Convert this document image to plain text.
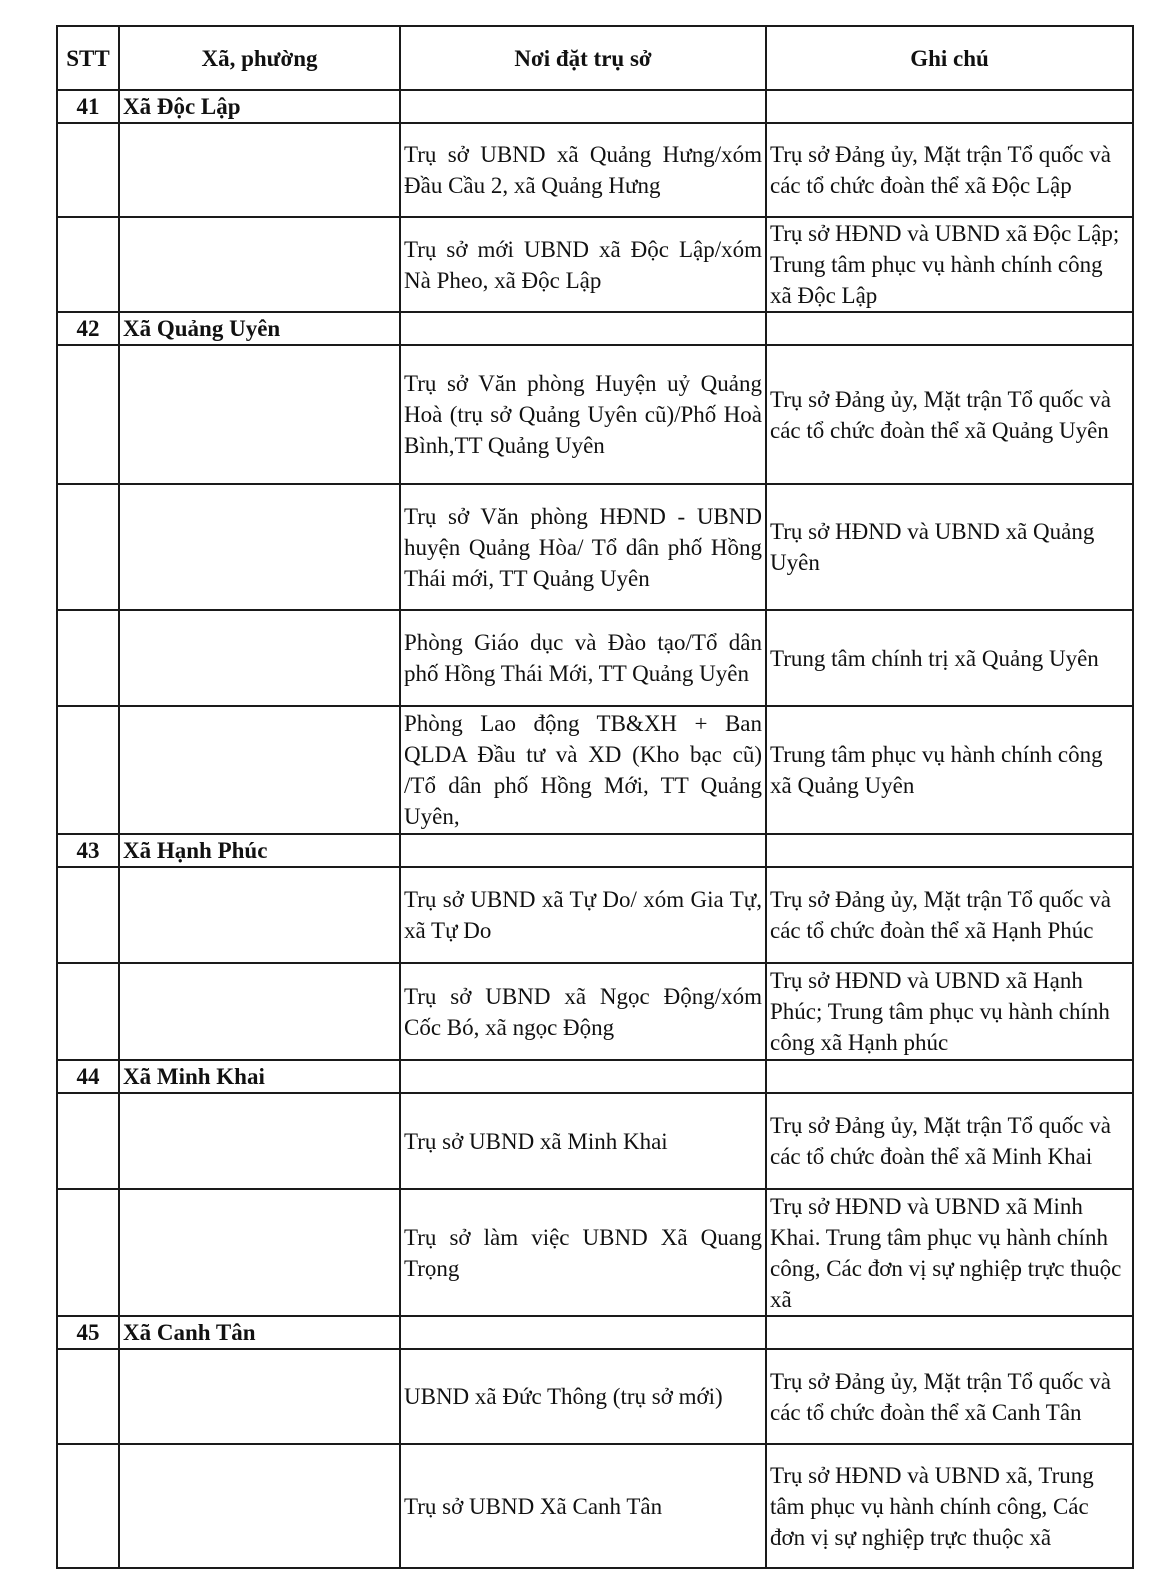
STT	Xã, phường	Nơi đặt trụ sở	Ghi chú
41	Xã Độc Lập		
		Trụ sở UBND xã Quảng Hưng/xóm Đầu Cầu 2, xã Quảng Hưng	Trụ sở Đảng ủy, Mặt trận Tổ quốc và các tổ chức đoàn thể xã Độc Lập
		Trụ sở mới UBND xã Độc Lập/xóm Nà Pheo, xã Độc Lập	Trụ sở HĐND và UBND xã Độc Lập; Trung tâm phục vụ hành chính công xã Độc Lập
42	Xã Quảng Uyên		
		Trụ sở Văn phòng Huyện uỷ Quảng Hoà (trụ sở Quảng Uyên cũ)/Phố Hoà Bình,TT Quảng Uyên	Trụ sở Đảng ủy, Mặt trận Tổ quốc và các tổ chức đoàn thể xã Quảng Uyên
		Trụ sở Văn phòng HĐND - UBND huyện Quảng Hòa/ Tổ dân phố Hồng Thái mới, TT Quảng Uyên	Trụ sở HĐND và UBND xã Quảng Uyên
		Phòng Giáo dục và Đào tạo/Tổ dân phố Hồng Thái Mới, TT Quảng Uyên	Trung tâm chính trị xã Quảng Uyên
		Phòng Lao động TB&XH + Ban QLDA Đầu tư và XD (Kho bạc cũ) /Tổ dân phố Hồng Mới, TT Quảng Uyên,	Trung tâm phục vụ hành chính công xã Quảng Uyên
43	Xã Hạnh Phúc		
		Trụ sở UBND xã Tự Do/ xóm Gia Tự, xã Tự Do	Trụ sở Đảng ủy, Mặt trận Tổ quốc và các tổ chức đoàn thể xã Hạnh Phúc
		Trụ sở UBND xã Ngọc Động/xóm Cốc Bó, xã ngọc Động	Trụ sở HĐND và UBND xã Hạnh Phúc; Trung tâm phục vụ hành chính công xã Hạnh phúc
44	Xã Minh Khai		
		Trụ sở UBND xã Minh Khai	Trụ sở Đảng ủy, Mặt trận Tổ quốc và các tổ chức đoàn thể xã Minh Khai
		Trụ sở làm việc UBND Xã Quang Trọng	Trụ sở HĐND và UBND xã Minh Khai. Trung tâm phục vụ hành chính công, Các đơn vị sự nghiệp trực thuộc xã
45	Xã Canh Tân		
		UBND xã Đức Thông (trụ sở mới)	Trụ sở Đảng ủy, Mặt trận Tổ quốc và các tổ chức đoàn thể xã Canh Tân
		Trụ sở UBND Xã Canh Tân	Trụ sở HĐND và UBND xã, Trung tâm phục vụ hành chính công, Các đơn vị sự nghiệp trực thuộc xã
